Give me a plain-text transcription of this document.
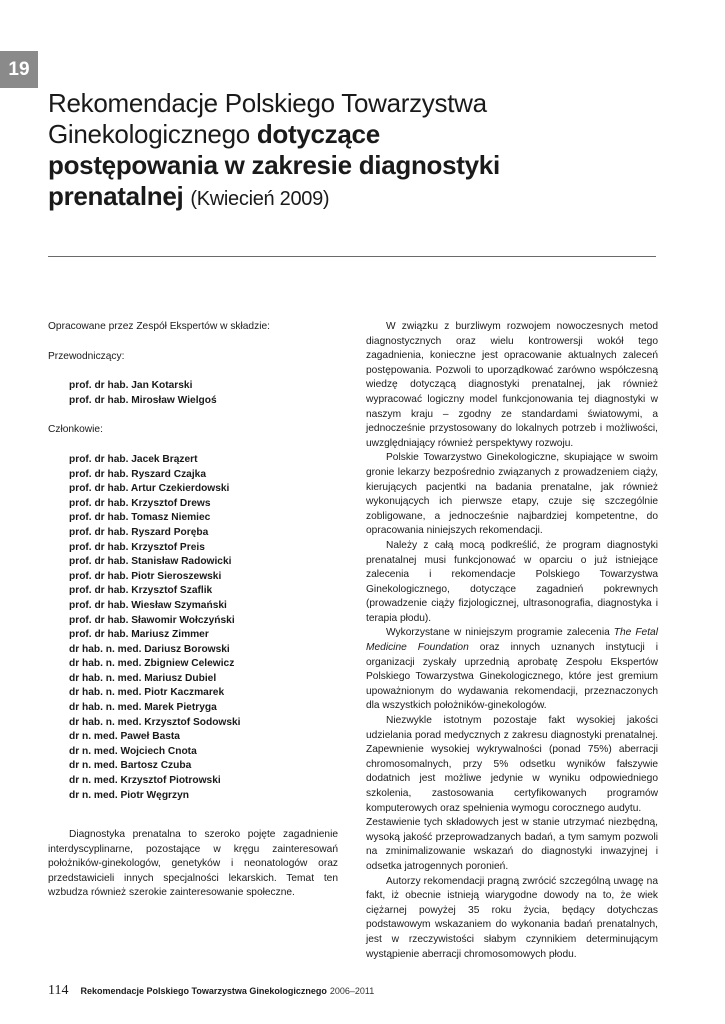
19
Rekomendacje Polskiego Towarzystwa
Ginekologicznego dotyczące
postępowania w zakresie diagnostyki
prenatalnej (Kwiecień 2009)

Opracowane przez Zespół Ekspertów w składzie:

Przewodniczący:

prof. dr hab. Jan Kotarski
prof. dr hab. Mirosław Wielgoś

Członkowie:

prof. dr hab. Jacek Brązert
prof. dr hab. Ryszard Czajka
prof. dr hab. Artur Czekierdowski
prof. dr hab. Krzysztof Drews
prof. dr hab. Tomasz Niemiec
prof. dr hab. Ryszard Poręba
prof. dr hab. Krzysztof Preis
prof. dr hab. Stanisław Radowicki
prof. dr hab. Piotr Sieroszewski
prof. dr hab. Krzysztof Szaflik
prof. dr hab. Wiesław Szymański
prof. dr hab. Sławomir Wołczyński
prof. dr hab. Mariusz Zimmer
dr hab. n. med. Dariusz Borowski
dr hab. n. med. Zbigniew Celewicz
dr hab. n. med. Mariusz Dubiel
dr hab. n. med. Piotr Kaczmarek
dr hab. n. med. Marek Pietryga
dr hab. n. med. Krzysztof Sodowski
dr n. med. Paweł Basta
dr n. med. Wojciech Cnota
dr n. med. Bartosz Czuba
dr n. med. Krzysztof Piotrowski
dr n. med. Piotr Węgrzyn

Diagnostyka prenatalna to szeroko pojęte zagadnienie interdyscyplinarne, pozostające w kręgu zainteresowań położników-ginekologów, genetyków i neonatologów oraz przedstawicieli innych specjalności lekarskich. Temat ten wzbudza również szerokie zainteresowanie społeczne.

W związku z burzliwym rozwojem nowoczesnych metod diagnostycznych oraz wielu kontrowersji wokół tego zagadnienia, konieczne jest opracowanie aktualnych zaleceń postępowania. Pozwoli to uporządkować zarówno współczesną wiedzę dotyczącą diagnostyki prenatalnej, jak również wypracować logiczny model funkcjonowania tej diagnostyki w naszym kraju – zgodny ze standardami światowymi, a jednocześnie przystosowany do lokalnych potrzeb i możliwości, uwzględniający również perspektywy rozwoju.

Polskie Towarzystwo Ginekologiczne, skupiające w swoim gronie lekarzy bezpośrednio związanych z prowadzeniem ciąży, kierujących pacjentki na badania prenatalne, jak również wykonujących ich pierwsze etapy, czuje się szczególnie zobligowane, a jednocześnie najbardziej kompetentne, do opracowania niniejszych rekomendacji.

Należy z całą mocą podkreślić, że program diagnostyki prenatalnej musi funkcjonować w oparciu o już istniejące zalecenia i rekomendacje Polskiego Towarzystwa Ginekologicznego, dotyczące zagadnień pokrewnych (prowadzenie ciąży fizjologicznej, ultrasonografia, diagnostyka i terapia płodu).

Wykorzystane w niniejszym programie zalecenia The Fetal Medicine Foundation oraz innych uznanych instytucji i organizacji zyskały uprzednią aprobatę Zespołu Ekspertów Polskiego Towarzystwa Ginekologicznego, które jest gremium upoważnionym do wydawania rekomendacji, przeznaczonych dla wszystkich położników-ginekologów.

Niezwykle istotnym pozostaje fakt wysokiej jakości udzielania porad medycznych z zakresu diagnostyki prenatalnej. Zapewnienie wysokiej wykrywalności (ponad 75%) aberracji chromosomalnych, przy 5% odsetku wyników fałszywie dodatnich jest możliwe jedynie w wyniku odpowiedniego szkolenia, zastosowania certyfikowanych programów komputerowych oraz spełnienia wymogu corocznego audytu.

Zestawienie tych składowych jest w stanie utrzymać niezbędną, wysoką jakość przeprowadzanych badań, a tym samym pozwoli na zminimalizowanie wskazań do diagnostyki inwazyjnej i odsetka jatrogennych poronień.

Autorzy rekomendacji pragną zwrócić szczególną uwagę na fakt, iż obecnie istnieją wiarygodne dowody na to, że wiek ciężarnej powyżej 35 roku życia, będący dotychczas podstawowym wskazaniem do wykonania badań prenatalnych, jest w rzeczywistości słabym czynnikiem determinującym wystąpienie aberracji chromosomowych płodu.

114 Rekomendacje Polskiego Towarzystwa Ginekologicznego 2006–2011
